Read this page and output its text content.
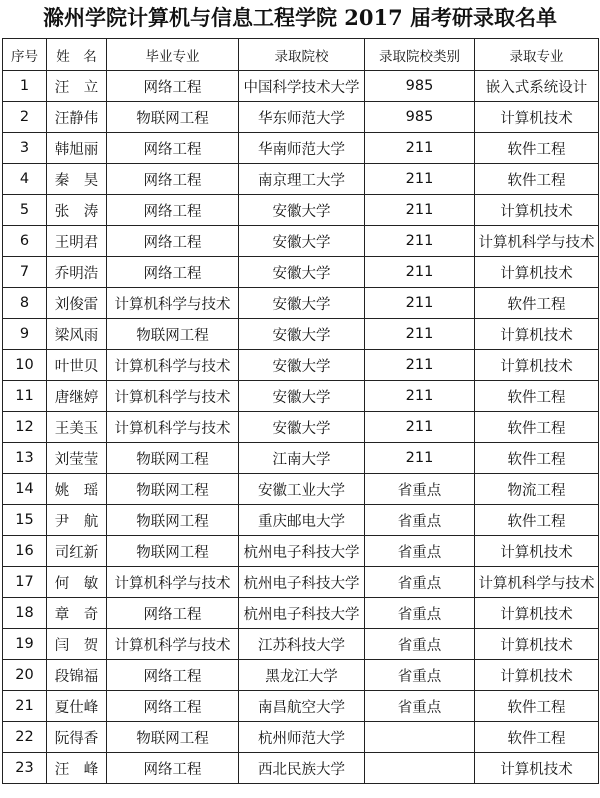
滁州学院计算机与信息工程学院 2017 届考研录取名单
序号	姓　名	毕业专业	录取院校	录取院校类别	录取专业
1	汪　立	网络工程	中国科学技术大学	985	嵌入式系统设计
2	汪静伟	物联网工程	华东师范大学	985	计算机技术
3	韩旭丽	网络工程	华南师范大学	211	软件工程
4	秦　昊	网络工程	南京理工大学	211	软件工程
5	张　涛	网络工程	安徽大学	211	计算机技术
6	王明君	网络工程	安徽大学	211	计算机科学与技术
7	乔明浩	网络工程	安徽大学	211	计算机技术
8	刘俊雷	计算机科学与技术	安徽大学	211	软件工程
9	梁风雨	物联网工程	安徽大学	211	计算机技术
10	叶世贝	计算机科学与技术	安徽大学	211	计算机技术
11	唐继婷	计算机科学与技术	安徽大学	211	软件工程
12	王美玉	计算机科学与技术	安徽大学	211	软件工程
13	刘莹莹	物联网工程	江南大学	211	软件工程
14	姚　瑶	物联网工程	安徽工业大学	省重点	物流工程
15	尹　航	物联网工程	重庆邮电大学	省重点	软件工程
16	司红新	物联网工程	杭州电子科技大学	省重点	计算机技术
17	何　敏	计算机科学与技术	杭州电子科技大学	省重点	计算机科学与技术
18	章　奇	网络工程	杭州电子科技大学	省重点	计算机技术
19	闫　贺	计算机科学与技术	江苏科技大学	省重点	计算机技术
20	段锦福	网络工程	黑龙江大学	省重点	计算机技术
21	夏仕峰	网络工程	南昌航空大学	省重点	软件工程
22	阮得香	物联网工程	杭州师范大学		软件工程
23	汪　峰	网络工程	西北民族大学		计算机技术
